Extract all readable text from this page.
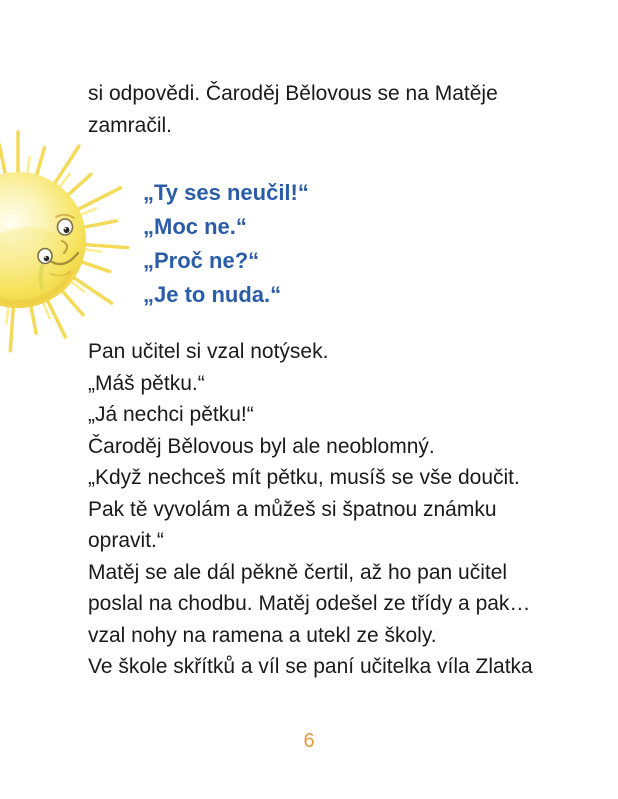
si odpovědi. Čaroděj Bělovous se na Matěje
zamračil.
„Ty ses neučil!“
„Moc ne.“
„Proč ne?“
„Je to nuda.“
Pan učitel si vzal notýsek.
„Máš pětku.“
„Já nechci pětku!“
Čaroděj Bělovous byl ale neoblomný.
„Když nechceš mít pětku, musíš se vše doučit.
Pak tě vyvolám a můžeš si špatnou známku
opravit.“
Matěj se ale dál pěkně čertil, až ho pan učitel
poslal na chodbu. Matěj odešel ze třídy a pak…
vzal nohy na ramena a utekl ze školy.
Ve škole skřítků a víl se paní učitelka víla Zlatka
6
